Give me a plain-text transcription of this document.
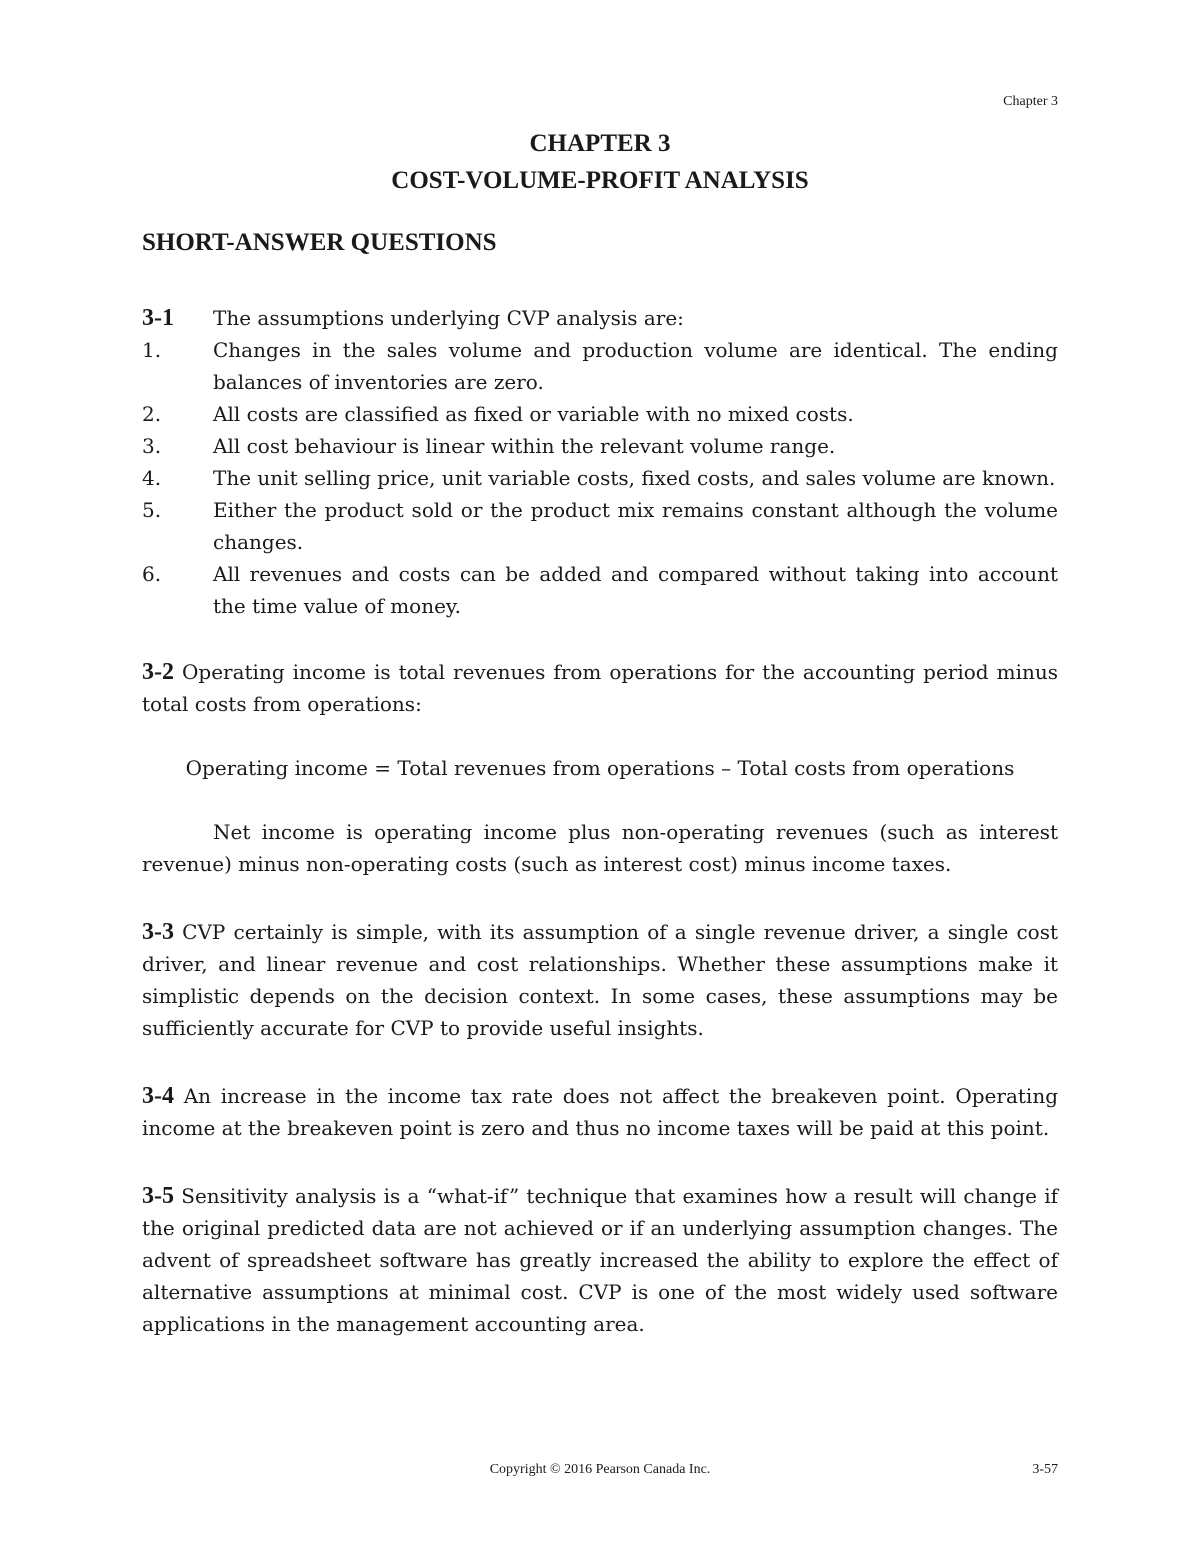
Chapter 3
CHAPTER 3
COST-VOLUME-PROFIT ANALYSIS
SHORT-ANSWER QUESTIONS
3-1 The assumptions underlying CVP analysis are:
1.	Changes in the sales volume and production volume are identical. The ending balances of inventories are zero.
2.	All costs are classified as fixed or variable with no mixed costs.
3.	All cost behaviour is linear within the relevant volume range.
4.	The unit selling price, unit variable costs, fixed costs, and sales volume are known.
5.	Either the product sold or the product mix remains constant although the volume changes.
6.	All revenues and costs can be added and compared without taking into account the time value of money.
3-2 Operating income is total revenues from operations for the accounting period minus total costs from operations:
Operating income = Total revenues from operations – Total costs from operations
Net income is operating income plus non-operating revenues (such as interest revenue) minus non-operating costs (such as interest cost) minus income taxes.
3-3 CVP certainly is simple, with its assumption of a single revenue driver, a single cost driver, and linear revenue and cost relationships. Whether these assumptions make it simplistic depends on the decision context. In some cases, these assumptions may be sufficiently accurate for CVP to provide useful insights.
3-4 An increase in the income tax rate does not affect the breakeven point. Operating income at the breakeven point is zero and thus no income taxes will be paid at this point.
3-5 Sensitivity analysis is a “what-if” technique that examines how a result will change if the original predicted data are not achieved or if an underlying assumption changes. The advent of spreadsheet software has greatly increased the ability to explore the effect of alternative assumptions at minimal cost. CVP is one of the most widely used software applications in the management accounting area.
Copyright © 2016 Pearson Canada Inc.	3-57
